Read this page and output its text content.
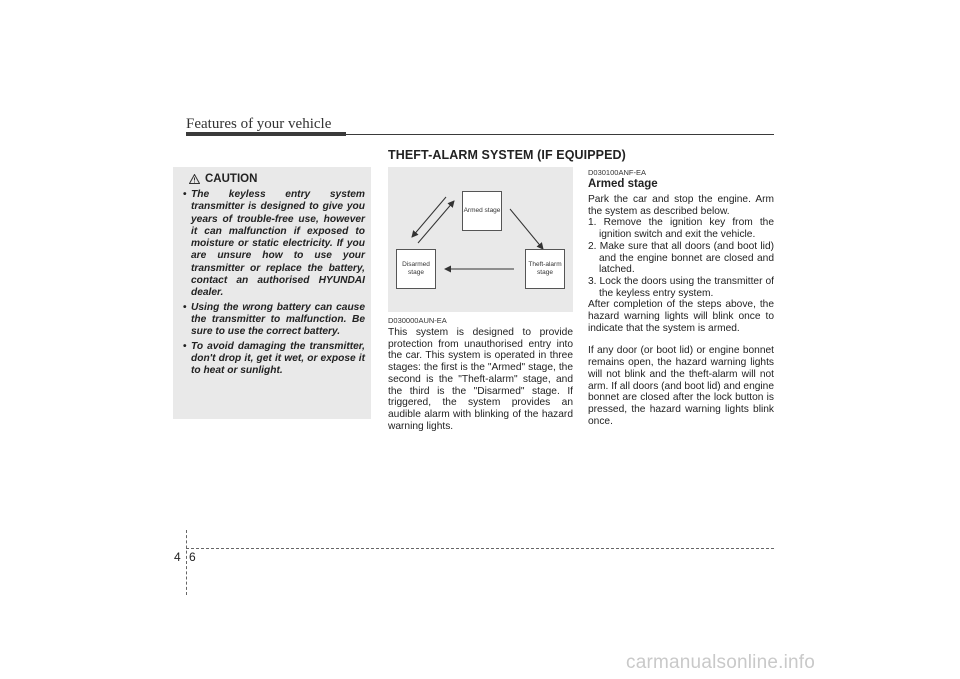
Features of your vehicle
THEFT-ALARM SYSTEM (IF EQUIPPED)
CAUTION
• The keyless entry system transmitter is designed to give you years of trouble-free use, however it can malfunction if exposed to moisture or static electricity. If you are unsure how to use your transmitter or replace the battery, contact an authorised HYUNDAI dealer.
• Using the wrong battery can cause the transmitter to malfunction. Be sure to use the correct battery.
• To avoid damaging the transmitter, don't drop it, get it wet, or expose it to heat or sunlight.
Armed stage
Theft-alarm stage
Disarmed stage
D030000AUN-EA

This system is designed to provide protection from unauthorised entry into the car. This system is operated in three stages: the first is the "Armed" stage, the second is the "Theft-alarm" stage, and the third is the "Disarmed" stage. If triggered, the system provides an audible alarm with blinking of the hazard warning lights.

D030100ANF-EA
Armed stage

Park the car and stop the engine. Arm the system as described below.

1. Remove the ignition key from the ignition switch and exit the vehicle.
2. Make sure that all doors (and boot lid) and the engine bonnet are closed and latched.
3. Lock the doors using the transmitter of the keyless entry system.

After completion of the steps above, the hazard warning lights will blink once to indicate that the system is armed.

If any door (or boot lid) or engine bonnet remains open, the hazard warning lights will not blink and the theft-alarm will not arm. If all doors (and boot lid) and engine bonnet are closed after the lock button is pressed, the hazard warning lights blink once.

4 6
carmanualsonline.info
